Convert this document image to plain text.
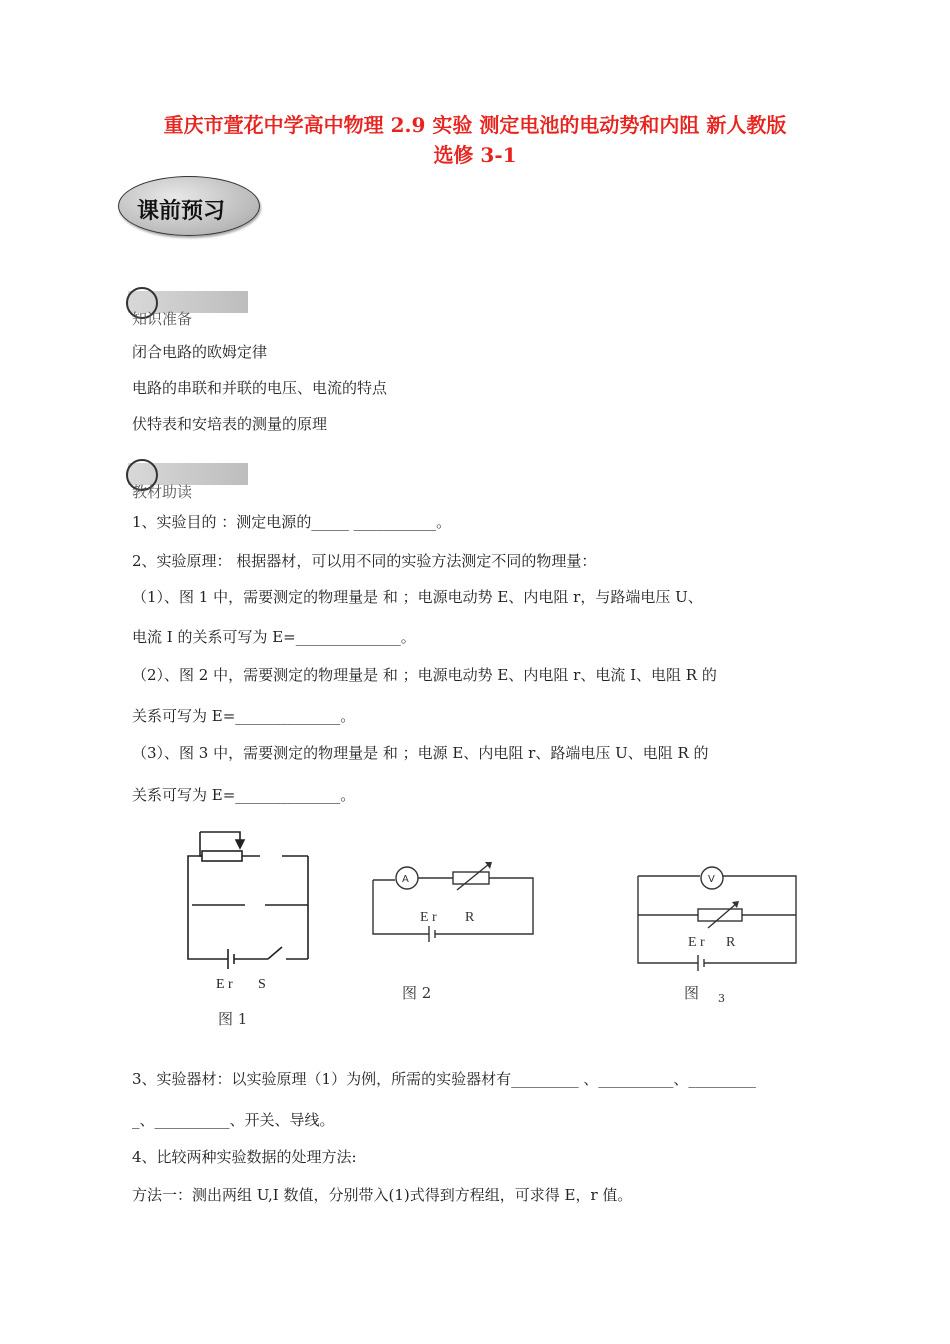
重庆市萱花中学高中物理 2.9 实验 测定电池的电动势和内阻 新人教版
选修 3-1
课前预习
知识准备
闭合电路的欧姆定律
电路的串联和并联的电压、电流的特点
伏特表和安培表的测量的原理
教材助读
1、实验目的 ：测定电源的_____ ___________。
2、实验原理： 根据器材，可以用不同的实验方法测定不同的物理量：
（1）、图 1 中，需要测定的物理量是 和 ；电源电动势 E、内电阻 r，与路端电压 U、
电流 I 的关系可写为 E=______________。
（2）、图 2 中，需要测定的物理量是 和 ；电源电动势 E、内电阻 r、电流 I、电阻 R 的
关系可写为 E=______________。
（3）、图 3 中，需要测定的物理量是 和 ；电源 E、内电阻 r、路端电压 U、电阻 R 的
关系可写为 E=______________。
E r S
图 1
A
E r R
图 2
V
E r R
图 3
3、实验器材：以实验原理（1）为例，所需的实验器材有_________ 、__________、_________
_、__________、开关、导线。
4、比较两种实验数据的处理方法:
方法一：测出两组 U,I 数值，分别带入(1)式得到方程组，可求得 E，r 值。
